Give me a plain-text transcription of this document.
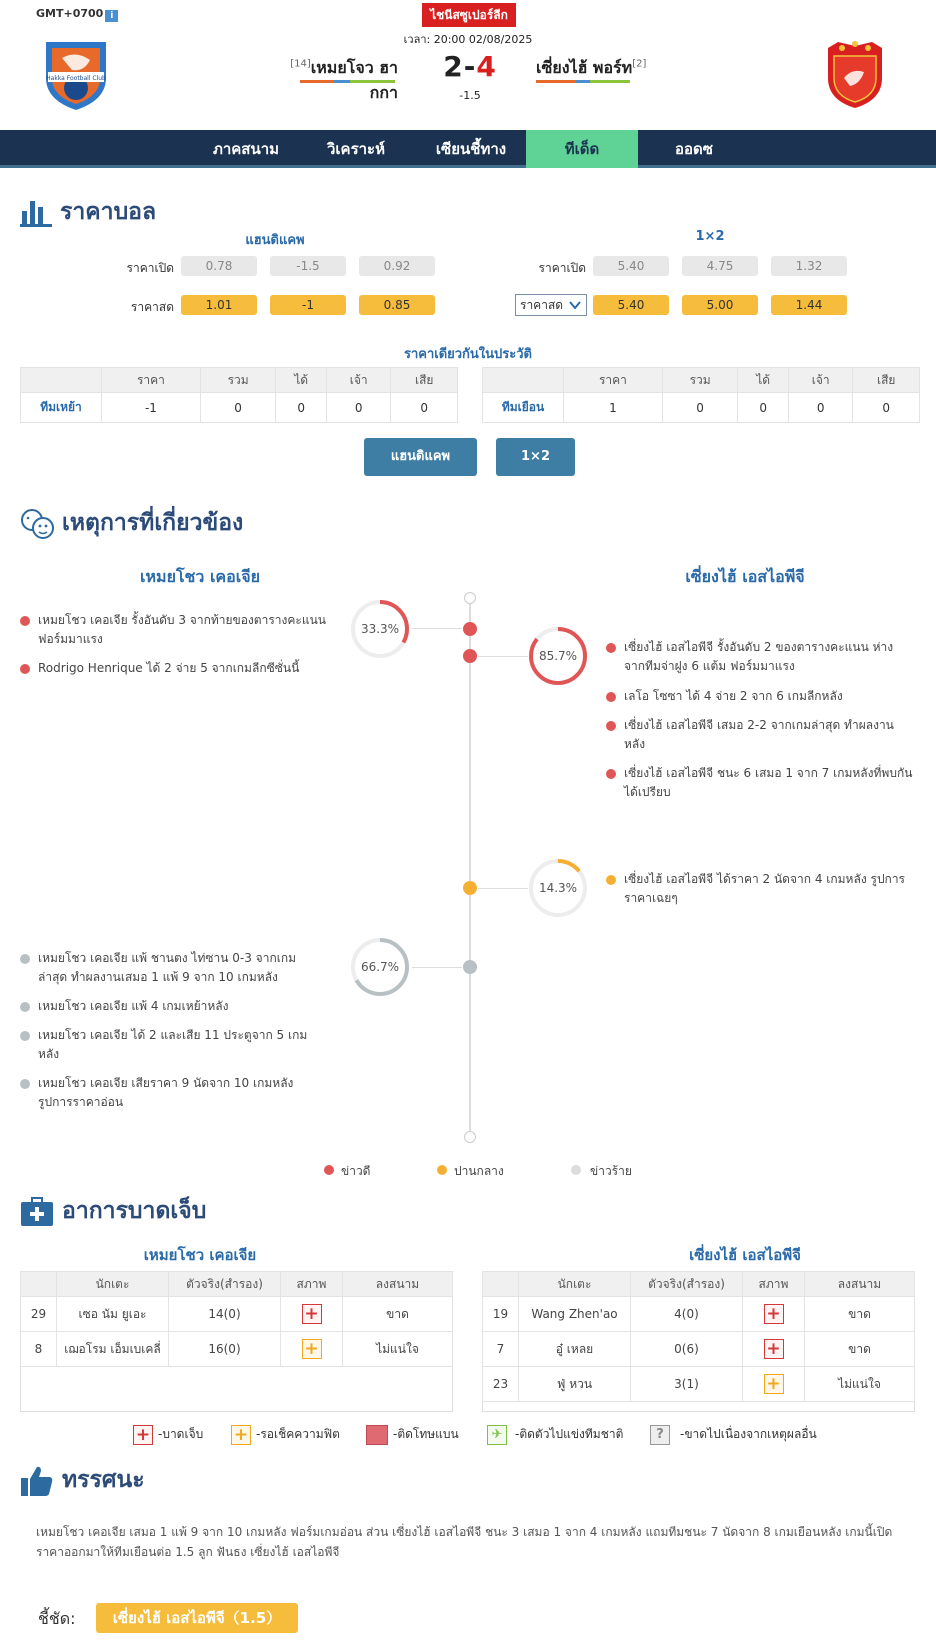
GMT+0700 i	ไชนีสซูเปอร์ลีก
เวลา: 20:00 02/08/2025
Hakka Football Club
[14]เหมยโจว ฮากกา
2-4
-1.5
เซี่ยงไฮ้ พอร์ท[2]
ภาคสนาม	วิเคราะห์	เซียนชี้ทาง	ทีเด็ด	ออดซ
ราคาบอล
แฮนดิแคพ	1×2
ราคาเปิด	0.78	-1.5	0.92
ราคาสด	1.01	-1	0.85
ราคาเปิด	5.40	4.75	1.32
ราคาสด	5.40	5.00	1.44
ราคาเดียวกันในประวัติ
	ราคา	รวม	ได้	เจ้า	เสีย
ทีมเหย้า	-1	0	0	0	0
	ราคา	รวม	ได้	เจ้า	เสีย
ทีมเยือน	1	0	0	0	0
แฮนดิแคพ	1×2
เหตุการที่เกี่ยวข้อง
เหมยโชว เคอเจีย	เซี่ยงไฮ้ เอสไอพีจี
33.3%
เหมยโชว เคอเจีย รั้งอันดับ 3 จากท้ายของตารางคะแนน ฟอร์มมาแรง
Rodrigo Henrique ได้ 2 จ่าย 5 จากเกมลีกซีซั่นนี้
85.7%
เซี่ยงไฮ้ เอสไอพีจี รั้งอันดับ 2 ของตารางคะแนน ห่างจากทีมจ่าฝูง 6 แต้ม ฟอร์มมาแรง
เลโอ โซซา ได้ 4 จ่าย 2 จาก 6 เกมลีกหลัง
เซี่ยงไฮ้ เอสไอพีจี เสมอ 2-2 จากเกมล่าสุด ทำผลงานหลัง
เซี่ยงไฮ้ เอสไอพีจี ชนะ 6 เสมอ 1 จาก 7 เกมหลังที่พบกัน ได้เปรียบ
14.3%
เซี่ยงไฮ้ เอสไอพีจี ได้ราคา 2 นัดจาก 4 เกมหลัง รูปการราคาเฉยๆ
66.7%
เหมยโชว เคอเจีย แพ้ ชานตง ไท่ซาน 0-3 จากเกมล่าสุด ทำผลงานเสมอ 1 แพ้ 9 จาก 10 เกมหลัง
เหมยโชว เคอเจีย แพ้ 4 เกมเหย้าหลัง
เหมยโชว เคอเจีย ได้ 2 และเสีย 11 ประตูจาก 5 เกมหลัง
เหมยโชว เคอเจีย เสียราคา 9 นัดจาก 10 เกมหลัง รูปการราคาอ่อน
ข่าวดี	ปานกลาง	ข่าวร้าย
อาการบาดเจ็บ
เหมยโชว เคอเจีย	เซี่ยงไฮ้ เอสไอพีจี
	นักเตะ	ตัวจริง(สำรอง)	สภาพ	ลงสนาม
29	เซอ นัม ยูเอะ	14(0)	+	ขาด
8	เฌอโรม เอ็มเบเคลี่	16(0)	+	ไม่แน่ใจ
	นักเตะ	ตัวจริง(สำรอง)	สภาพ	ลงสนาม
19	Wang Zhen'ao	4(0)	+	ขาด
7	อู๋ เหลย	0(6)	+	ขาด
23	ฟู่ หวน	3(1)	+	ไม่แน่ใจ
+ -บาดเจ็บ + -รอเช็คความฟิต	-ติดโทษแบน	✈	-ติดตัวไปแข่งทีมชาติ	?	-ขาดไปเนื่องจากเหตุผลอื่น
ทรรศนะ
เหมยโชว เคอเจีย เสมอ 1 แพ้ 9 จาก 10 เกมหลัง ฟอร์มเกมอ่อน ส่วน เซี่ยงไฮ้ เอสไอพีจี ชนะ 3 เสมอ 1 จาก 4 เกมหลัง แถมทีมชนะ 7 นัดจาก 8 เกมเยือนหลัง เกมนี้เปิดราคาออกมาให้ทีมเยือนต่อ 1.5 ลูก ฟันธง เซี่ยงไฮ้ เอสไอพีจี
ชี้ชัด:	เซี่ยงไฮ้ เอสไอพีจี（1.5）
